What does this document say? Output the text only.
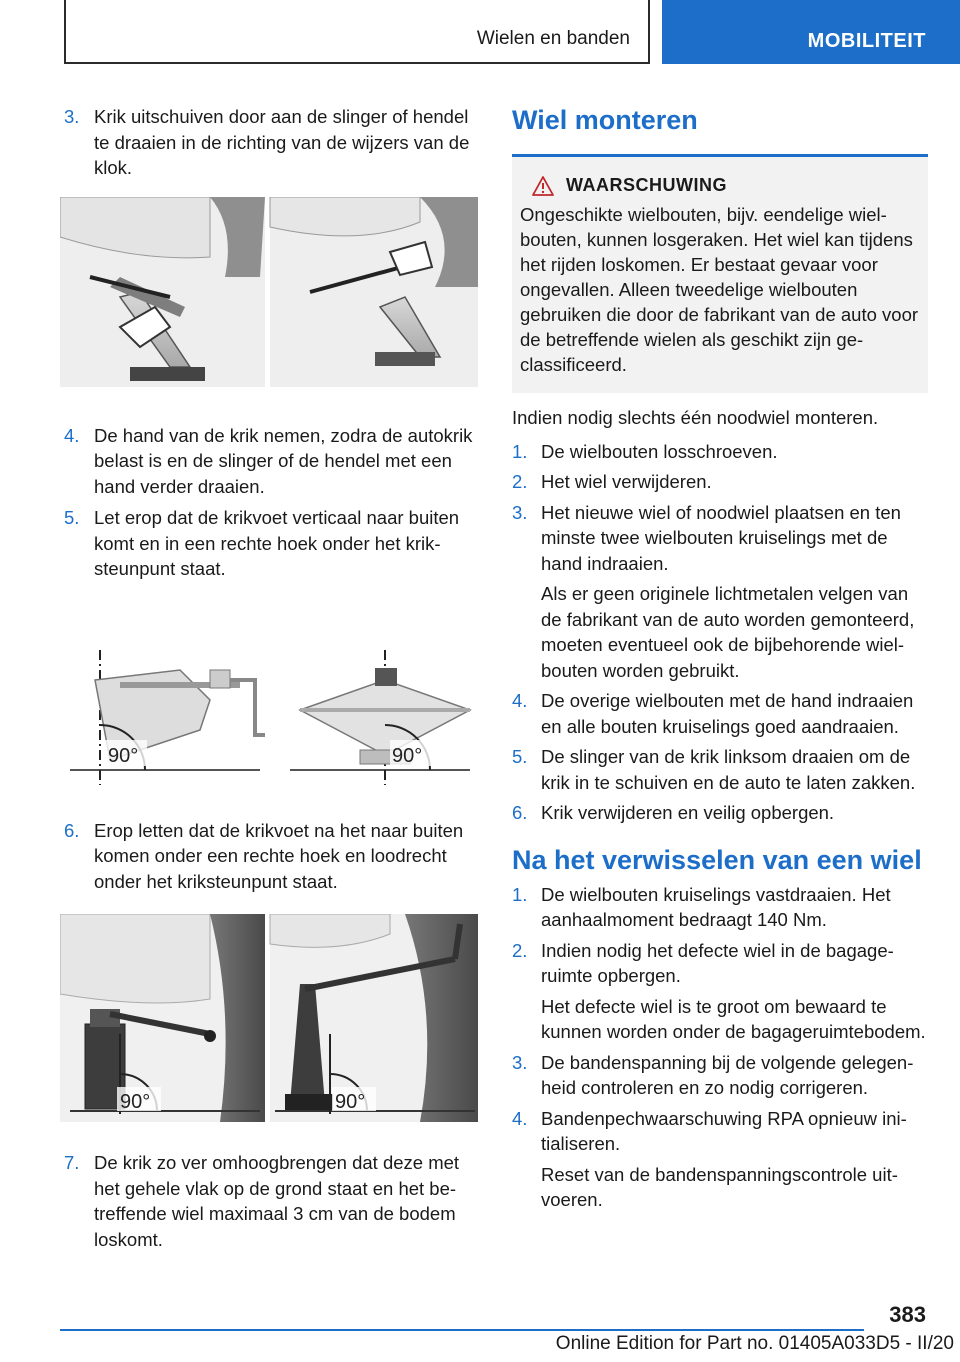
Wielen en banden	MOBILITEIT
3. Krik uitschuiven door aan de slinger of hendel te draaien in de richting van de wijzers van de klok.
4. De hand van de krik nemen, zodra de autokrik belast is en de slinger of de hendel met een hand verder draaien.
5. Let erop dat de krikvoet verticaal naar buiten komt en in een rechte hoek onder het kriksteunpunt staat.
90°	90°
6. Erop letten dat de krikvoet na het naar buiten komen onder een rechte hoek en loodrecht onder het kriksteunpunt staat.
90°	90°
7. De krik zo ver omhoogbrengen dat deze met het gehele vlak op de grond staat en het betreffende wiel maximaal 3 cm van de bodem loskomt.
Wiel monteren
WAARSCHUWING
Ongeschikte wielbouten, bijv. eendelige wielbouten, kunnen losgeraken. Het wiel kan tijdens het rijden loskomen. Er bestaat gevaar voor ongevallen. Alleen tweedelige wielbouten gebruiken die door de fabrikant van de auto voor de betreffende wielen als geschikt zijn geclassificeerd.
Indien nodig slechts één noodwiel monteren.
1. De wielbouten losschroeven.
2. Het wiel verwijderen.
3. Het nieuwe wiel of noodwiel plaatsen en ten minste twee wielbouten kruiselings met de hand indraaien.
Als er geen originele lichtmetalen velgen van de fabrikant van de auto worden gemonteerd, moeten eventueel ook de bijbehorende wielbouten worden gebruikt.
4. De overige wielbouten met de hand indraaien en alle bouten kruiselings goed aandraaien.
5. De slinger van de krik linksom draaien om de krik in te schuiven en de auto te laten zakken.
6. Krik verwijderen en veilig opbergen.
Na het verwisselen van een wiel
1. De wielbouten kruiselings vastdraaien. Het aanhaalmoment bedraagt 140 Nm.
2. Indien nodig het defecte wiel in de bagageruimte opbergen.
Het defecte wiel is te groot om bewaard te kunnen worden onder de bagageruimtebodem.
3. De bandenspanning bij de volgende gelegenheid controleren en zo nodig corrigeren.
4. Bandenpechwaarschuwing RPA opnieuw initialiseren.
Reset van de bandenspanningscontrole uitvoeren.
383
Online Edition for Part no. 01405A033D5 - II/20
